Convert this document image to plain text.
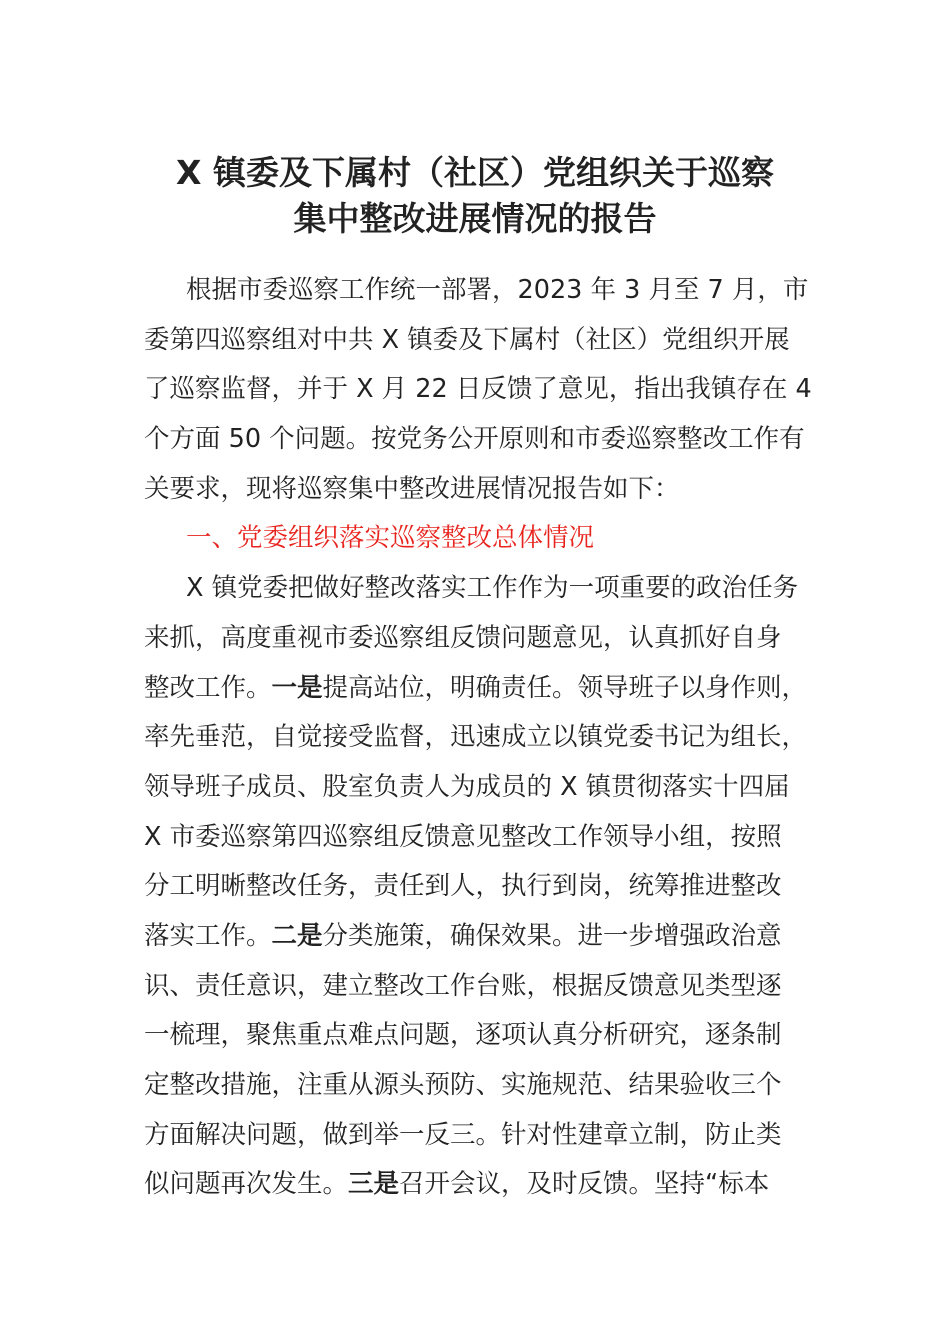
X 镇委及下属村（社区）党组织关于巡察
集中整改进展情况的报告
根据市委巡察工作统一部署，2023 年 3 月至 7 月，市
委第四巡察组对中共 X 镇委及下属村（社区）党组织开展
了巡察监督，并于 X 月 22 日反馈了意见，指出我镇存在 4
个方面 50 个问题。按党务公开原则和市委巡察整改工作有
关要求，现将巡察集中整改进展情况报告如下：
一、党委组织落实巡察整改总体情况
X 镇党委把做好整改落实工作作为一项重要的政治任务
来抓，高度重视市委巡察组反馈问题意见，认真抓好自身
整改工作。一是提高站位，明确责任。领导班子以身作则，
率先垂范，自觉接受监督，迅速成立以镇党委书记为组长，
领导班子成员、股室负责人为成员的 X 镇贯彻落实十四届
X 市委巡察第四巡察组反馈意见整改工作领导小组，按照
分工明晰整改任务，责任到人，执行到岗，统筹推进整改
落实工作。二是分类施策，确保效果。进一步增强政治意
识、责任意识，建立整改工作台账，根据反馈意见类型逐
一梳理，聚焦重点难点问题，逐项认真分析研究，逐条制
定整改措施，注重从源头预防、实施规范、结果验收三个
方面解决问题，做到举一反三。针对性建章立制，防止类
似问题再次发生。三是召开会议，及时反馈。坚持“标本
